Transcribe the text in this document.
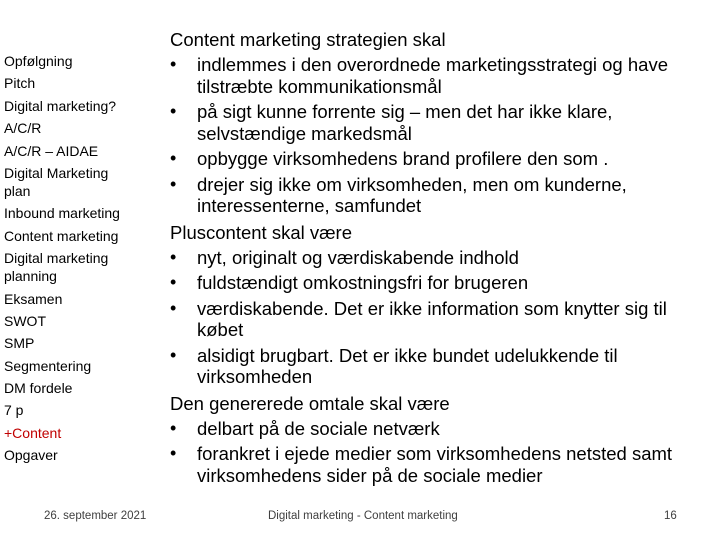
Opfølgning
Pitch
Digital marketing?
A/C/R
A/C/R – AIDAE
Digital Marketing plan
Inbound marketing
Content marketing
Digital marketing planning
Eksamen
SWOT
SMP
Segmentering
DM fordele
7 p
+Content
Opgaver
Content marketing strategien skal
• indlemmes i den overordnede marketingsstrategi og have tilstræbte kommunikationsmål
• på sigt kunne forrente sig – men det har ikke klare, selvstændige markedsmål
• opbygge virksomhedens brand profilere den som .
• drejer sig ikke om virksomheden, men om kunderne, interessenterne, samfundet
Pluscontent skal være
• nyt, originalt og værdiskabende indhold
• fuldstændigt omkostningsfri for brugeren
• værdiskabende. Det er ikke information som knytter sig til købet
• alsidigt brugbart. Det er ikke bundet udelukkende til virksomheden
Den genererede omtale skal være
• delbart på de sociale netværk
• forankret i ejede medier som virksomhedens netsted samt virksomhedens sider på de sociale medier
26. september 2021	Digital marketing - Content marketing	16
